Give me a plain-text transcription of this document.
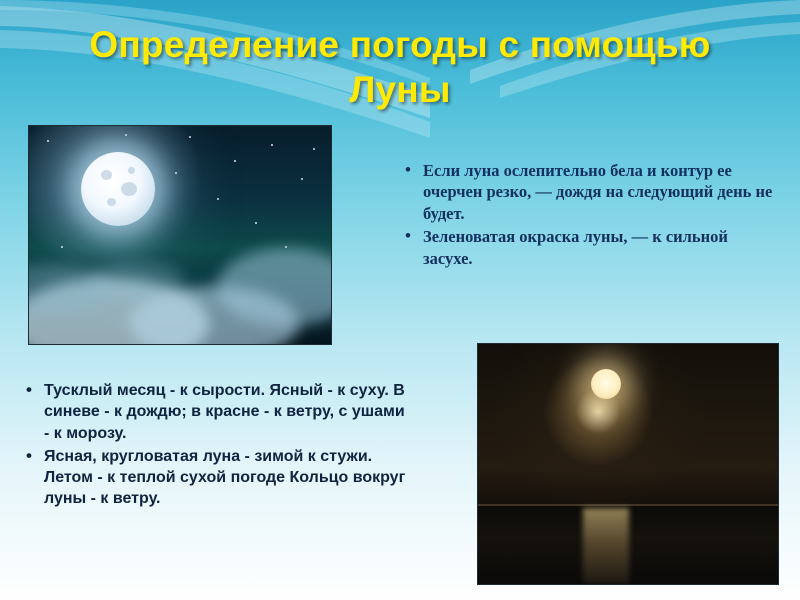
Определение погоды с помощью Луны
• Если луна ослепительно бела и контур ее очерчен резко, — дождя на следующий день не будет.
• Зеленоватая окраска луны, — к сильной засухе.
• Тусклый месяц - к сырости. Ясный - к суху. В синеве - к дождю; в красне - к ветру, с ушами - к морозу.
• Ясная, кругловатая луна - зимой к стужи. Летом - к теплой сухой погоде Кольцо вокруг луны - к ветру.
